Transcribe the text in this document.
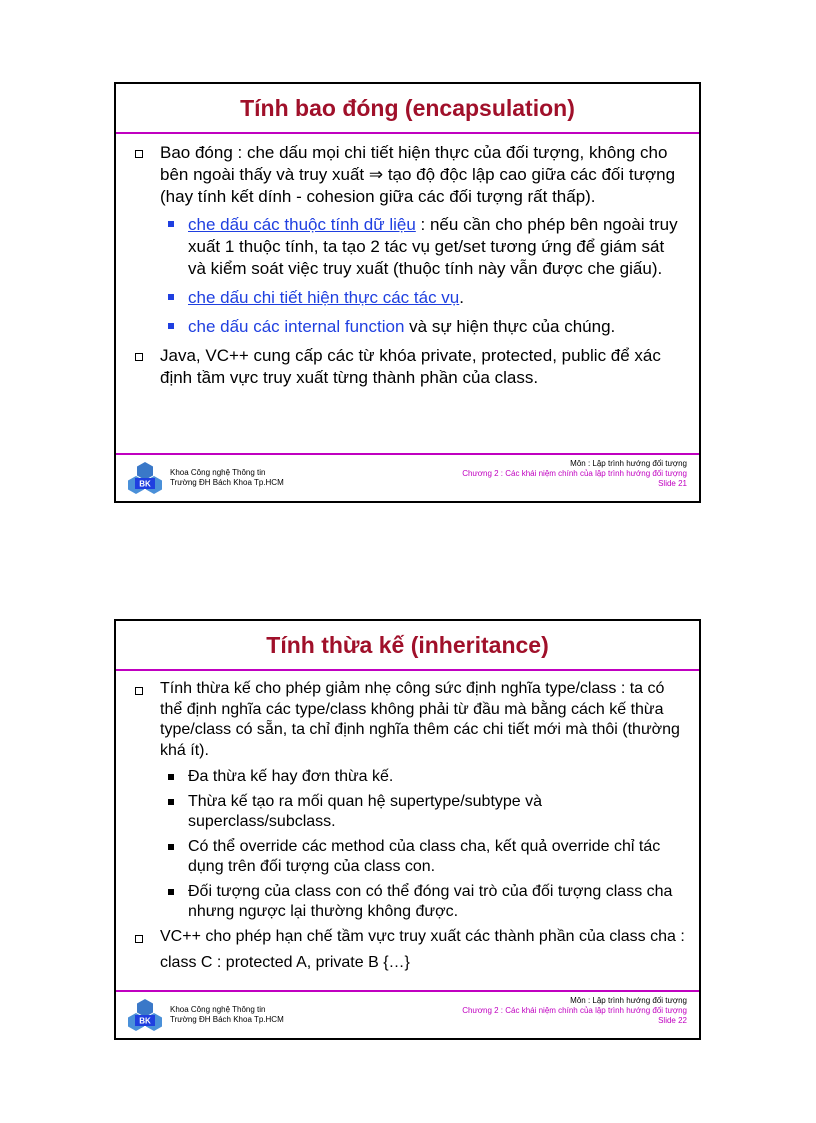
Tính bao đóng (encapsulation)
Bao đóng : che dấu mọi chi tiết hiện thực của đối tượng, không cho bên ngoài thấy và truy xuất ⇒ tạo độ độc lập cao giữa các đối tượng (hay tính kết dính - cohesion giữa các đối tượng rất thấp).
che dấu các thuộc tính dữ liệu : nếu cần cho phép bên ngoài truy xuất 1 thuộc tính, ta tạo 2 tác vụ get/set tương ứng để giám sát và kiểm soát việc truy xuất (thuộc tính này vẫn được che giấu).
che dấu chi tiết hiện thực các tác vụ.
che dấu các internal function và sự hiện thực của chúng.
Java, VC++ cung cấp các từ khóa private, protected, public để xác định tầm vực truy xuất từng thành phần của class.
BK
Khoa Công nghệ Thông tin
Trường ĐH Bách Khoa Tp.HCM
Môn : Lập trình hướng đối tượng
Chương 2 : Các khái niệm chính của lập trình hướng đối tượng
Slide 21
Tính thừa kế (inheritance)
Tính thừa kế cho phép giảm nhẹ công sức định nghĩa type/class : ta có thể định nghĩa các type/class không phải từ đầu mà bằng cách kế thừa type/class có sẵn, ta chỉ định nghĩa thêm các chi tiết mới mà thôi (thường khá ít).
Đa thừa kế hay đơn thừa kế.
Thừa kế tạo ra mối quan hệ supertype/subtype và superclass/subclass.
Có thể override các method của class cha, kết quả override chỉ tác dụng trên đối tượng của class con.
Đối tượng của class con có thể đóng vai trò của đối tượng class cha nhưng ngược lại thường không được.
VC++ cho phép hạn chế tầm vực truy xuất các thành phần của class cha :
class C : protected A, private B {…}
BK
Khoa Công nghệ Thông tin
Trường ĐH Bách Khoa Tp.HCM
Môn : Lập trình hướng đối tượng
Chương 2 : Các khái niệm chính của lập trình hướng đối tượng
Slide 22
